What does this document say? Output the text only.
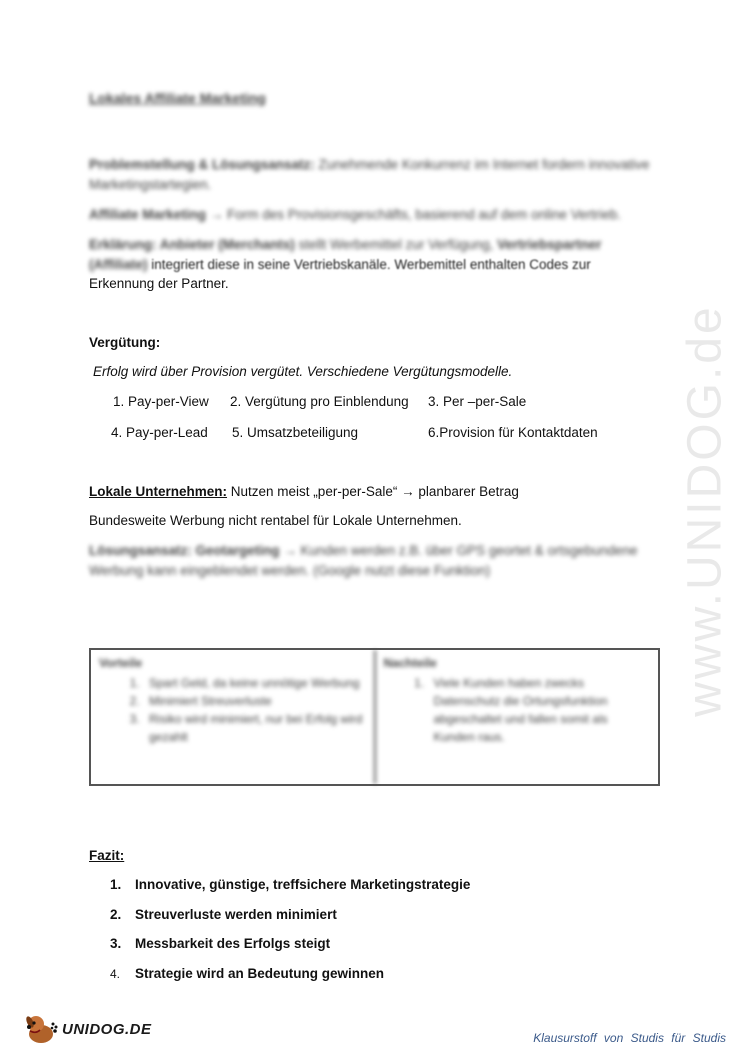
www.UNIDOG.de
Lokales Affiliate Marketing
Problemstellung & Lösungsansatz: Zunehmende Konkurrenz im Internet fordern innovative
Marketingstartegien.
Affiliate Marketing → Form des Provisionsgeschäfts, basierend auf dem online Vertrieb.
Erklärung: Anbieter (Merchants) stellt Werbemittel zur Verfügung, Vertriebspartner
(Affiliate) integriert diese in seine Vertriebskanäle. Werbemittel enthalten Codes zur
Erkennung der Partner.
Vergütung:
Erfolg wird über Provision vergütet. Verschiedene Vergütungsmodelle.
1. Pay-per-View 2. Vergütung pro Einblendung 3. Per –per-Sale
4. Pay-per-Lead 5. Umsatzbeteiligung	6.Provision für Kontaktdaten
Lokale Unternehmen: Nutzen meist „per-per-Sale“ → planbarer Betrag
Bundesweite Werbung nicht rentabel für Lokale Unternehmen.
Lösungsansatz: Geotargeting → Kunden werden z.B. über GPS geortet & ortsgebundene
Werbung kann eingeblendet werden. (Google nutzt diese Funktion)
Vorteile
1. Spart Geld, da keine unnötige Werbung
2. Minimiert Streuverluste
3. Risiko wird minimiert, nur bei Erfolg wird gezahlt
Nachteile
1. Viele Kunden haben zwecks Datenschutz die Ortungsfunktion abgeschaltet und fallen somit als Kunden raus.
Fazit:
1. Innovative, günstige, treffsichere Marketingstrategie
2. Streuverluste werden minimiert
3. Messbarkeit des Erfolgs steigt
4. Strategie wird an Bedeutung gewinnen
UNIDOG.DE
Klausurstoff von Studis für Studis
